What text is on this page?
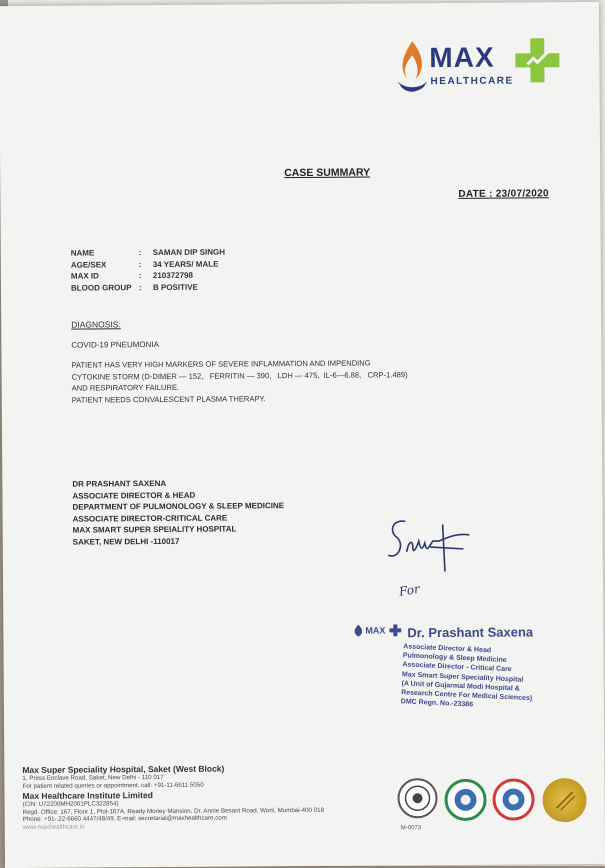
MAX
HEALTHCARE
CASE SUMMARY
DATE : 23/07/2020
NAME	:	SAMAN DIP SINGH
AGE/SEX	:	34 YEARS/ MALE
MAX ID	:	210372798
BLOOD GROUP :	B POSITIVE
DIAGNOSIS:
COVID-19 PNEUMONIA
PATIENT HAS VERY HIGH MARKERS OF SEVERE INFLAMMATION AND IMPENDING
CYTOKINE STORM (D-DIMER — 152,   FERRITIN — 390,   LDH — 475,  IL-6—6.88,   CRP-1.489)
AND RESPIRATORY FAILURE.
PATIENT NEEDS CONVALESCENT PLASMA THERAPY.
DR PRASHANT SAXENA
ASSOCIATE DIRECTOR & HEAD
DEPARTMENT OF PULMONOLOGY & SLEEP MEDICINE
ASSOCIATE DIRECTOR-CRITICAL CARE
MAX SMART SUPER SPEIALITY HOSPITAL
SAKET, NEW DELHI -110017
For
MAX Dr. Prashant Saxena
Associate Director & Head
Pulmonology & Sleep Medicine
Associate Director - Critical Care
Max Smart Super Speciality Hospital
(A Unit of Gujarmal Modi Hospital &
Research Centre For Medical Sciences)
DMC Regn. No.-23386
Max Super Speciality Hospital, Saket (West Block)
1, Press Enclave Road, Saket, New Delhi - 110 017
For patient related queries or appointment, call: +91-11-6611 5050
Max Healthcare Institute Limited
(CIN: U72200MH2001PLC322854)
Regd. Office: 167, Floor 1, Plot-167A, Ready Money Mansion, Dr. Annie Besant Road, Worli, Mumbai-400 018
Phone: +91- 22-6660 4447/48/49, E-mail: secretarial@maxhealthcare.com
www.maxhealthcare.in	M-0073
